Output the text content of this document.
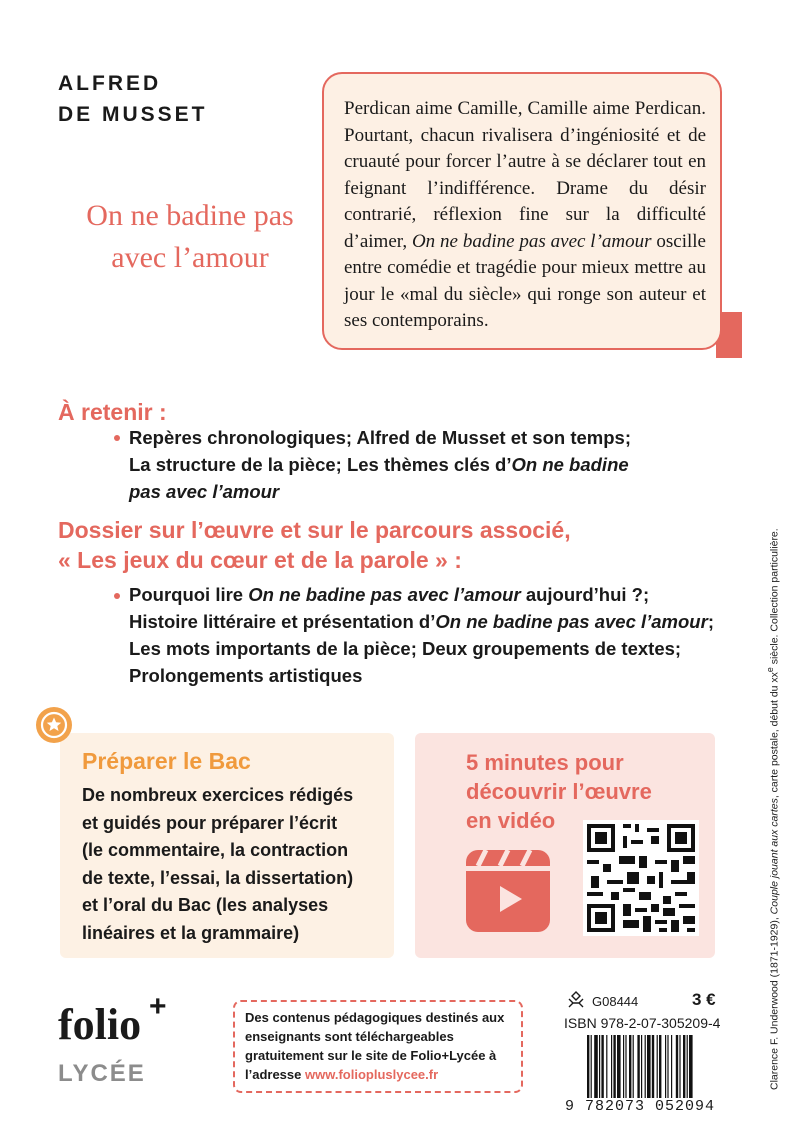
ALFRED
DE MUSSET
On ne badine pas
avec l’amour
Perdican aime Camille, Camille aime Perdican. Pourtant, chacun rivalisera d’ingéniosité et de cruauté pour forcer l’autre à se déclarer tout en feignant l’indifférence. Drame du désir contrarié, réflexion fine sur la difficulté d’aimer, On ne badine pas avec l’amour oscille entre comédie et tragédie pour mieux mettre au jour le «mal du siècle» qui ronge son auteur et ses contemporains.
À retenir :
Repères chronologiques; Alfred de Musset et son temps;
La structure de la pièce; Les thèmes clés d’On ne badine
pas avec l’amour
Dossier sur l’œuvre et sur le parcours associé,
« Les jeux du cœur et de la parole » :
Pourquoi lire On ne badine pas avec l’amour aujourd’hui ?;
Histoire littéraire et présentation d’On ne badine pas avec l’amour;
Les mots importants de la pièce; Deux groupements de textes;
Prolongements artistiques
Préparer le Bac
De nombreux exercices rédigés
et guidés pour préparer l’écrit
(le commentaire, la contraction
de texte, l’essai, la dissertation)
et l’oral du Bac (les analyses
linéaires et la grammaire)
5 minutes pour
découvrir l’œuvre
en vidéo
folio +
LYCÉE
Des contenus pédagogiques destinés aux enseignants sont téléchargeables gratuitement sur le site de Folio+Lycée à l’adresse www.foliopluslycee.fr
G08444	3 €
ISBN 978-2-07-305209-4
9 782073 052094
Clarence F. Underwood (1871-1929), Couple jouant aux cartes, carte postale, début du $xx^e$ siècle. Collection particulière.
